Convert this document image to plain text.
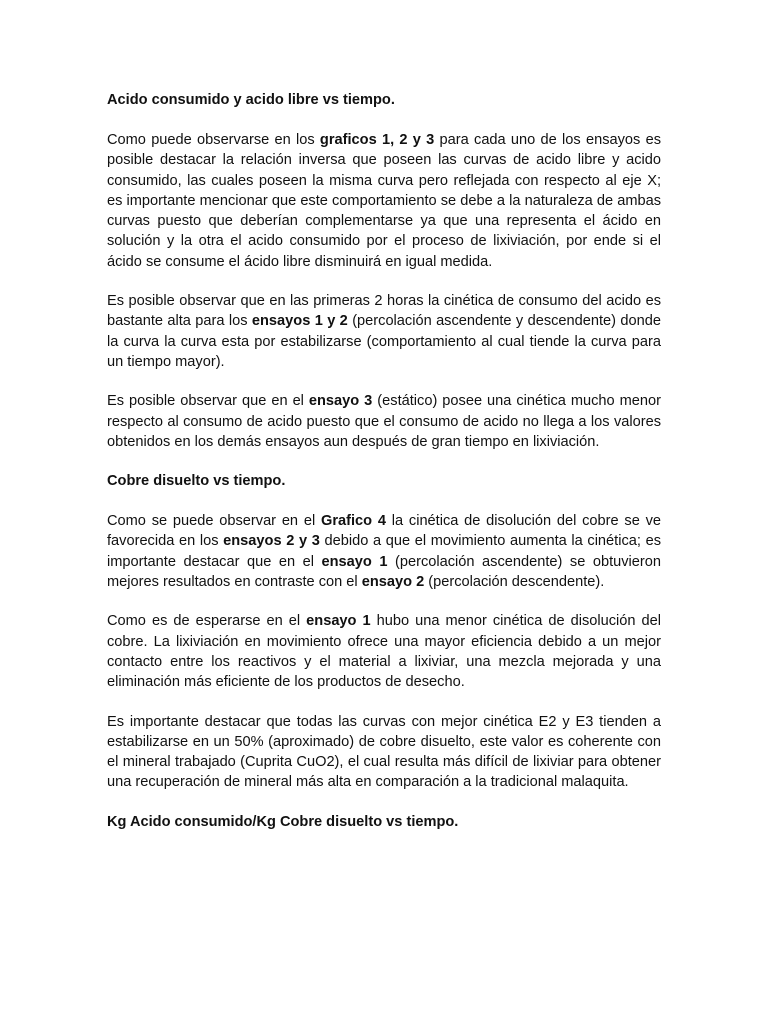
Acido consumido y acido libre vs tiempo.

Como puede observarse en los graficos 1, 2 y 3 para cada uno de los ensayos es posible destacar la relación inversa que poseen las curvas de acido libre y acido consumido, las cuales poseen la misma curva pero reflejada con respecto al eje X; es importante mencionar que este comportamiento se debe a la naturaleza de ambas curvas puesto que deberían complementarse ya que una representa el ácido en solución y la otra el acido consumido por el proceso de lixiviación, por ende si el ácido se consume el ácido libre disminuirá en igual medida.

Es posible observar que en las primeras 2 horas la cinética de consumo del acido es bastante alta para los ensayos 1 y 2 (percolación ascendente y descendente) donde la curva la curva esta por estabilizarse (comportamiento al cual tiende la curva para un tiempo mayor).

Es posible observar que en el ensayo 3 (estático) posee una cinética mucho menor respecto al consumo de acido puesto que el consumo de acido no llega a los valores obtenidos en los demás ensayos aun después de gran tiempo en lixiviación.

Cobre disuelto vs tiempo.

Como se puede observar en el Grafico 4 la cinética de disolución del cobre se ve favorecida en los ensayos 2 y 3 debido a que el movimiento aumenta la cinética; es importante destacar que en el ensayo 1 (percolación ascendente) se obtuvieron mejores resultados en contraste con el ensayo 2 (percolación descendente).

Como es de esperarse en el ensayo 1 hubo una menor cinética de disolución del cobre. La lixiviación en movimiento ofrece una mayor eficiencia debido a un mejor contacto entre los reactivos y el material a lixiviar, una mezcla mejorada y una eliminación más eficiente de los productos de desecho.

Es importante destacar que todas las curvas con mejor cinética E2 y E3 tienden a estabilizarse en un 50% (aproximado) de cobre disuelto, este valor es coherente con el mineral trabajado (Cuprita CuO2), el cual resulta más difícil de lixiviar para obtener una recuperación de mineral más alta en comparación a la tradicional malaquita.

Kg Acido consumido/Kg Cobre disuelto vs tiempo.
